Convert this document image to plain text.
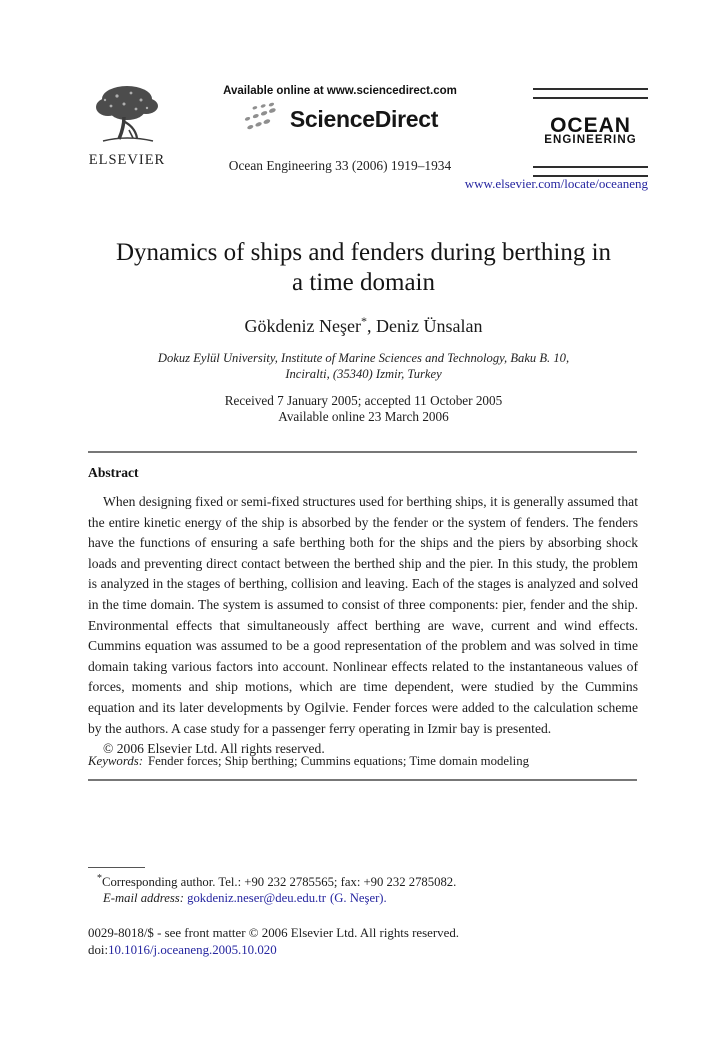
ELSEVIER
Available online at www.sciencedirect.com
ScienceDirect
Ocean Engineering 33 (2006) 1919–1934
OCEAN
ENGINEERING
www.elsevier.com/locate/oceaneng
Dynamics of ships and fenders during berthing in
a time domain
Gökdeniz Neşer*, Deniz Ünsalan
Dokuz Eylül University, Institute of Marine Sciences and Technology, Baku B. 10,
Inciralti, (35340) Izmir, Turkey
Received 7 January 2005; accepted 11 October 2005
Available online 23 March 2006
Abstract

When designing fixed or semi-fixed structures used for berthing ships, it is generally assumed that the entire kinetic energy of the ship is absorbed by the fender or the system of fenders. The fenders have the functions of ensuring a safe berthing both for the ships and the piers by absorbing shock loads and preventing direct contact between the berthed ship and the pier. In this study, the problem is analyzed in the stages of berthing, collision and leaving. Each of the stages is analyzed and solved in the time domain. The system is assumed to consist of three components: pier, fender and the ship. Environmental effects that simultaneously affect berthing are wave, current and wind effects. Cummins equation was assumed to be a good representation of the problem and was solved in time domain taking various factors into account. Nonlinear effects related to the instantaneous values of forces, moments and ship motions, which are time dependent, were studied by the Cummins equation and its later developments by Ogilvie. Fender forces were added to the calculation scheme by the authors. A case study for a passenger ferry operating in Izmir bay is presented.

© 2006 Elsevier Ltd. All rights reserved.

Keywords: Fender forces; Ship berthing; Cummins equations; Time domain modeling
*Corresponding author. Tel.: +90 232 2785565; fax: +90 232 2785082.
E-mail address: gokdeniz.neser@deu.edu.tr (G. Neşer).
0029-8018/$ - see front matter © 2006 Elsevier Ltd. All rights reserved.
doi:10.1016/j.oceaneng.2005.10.020
